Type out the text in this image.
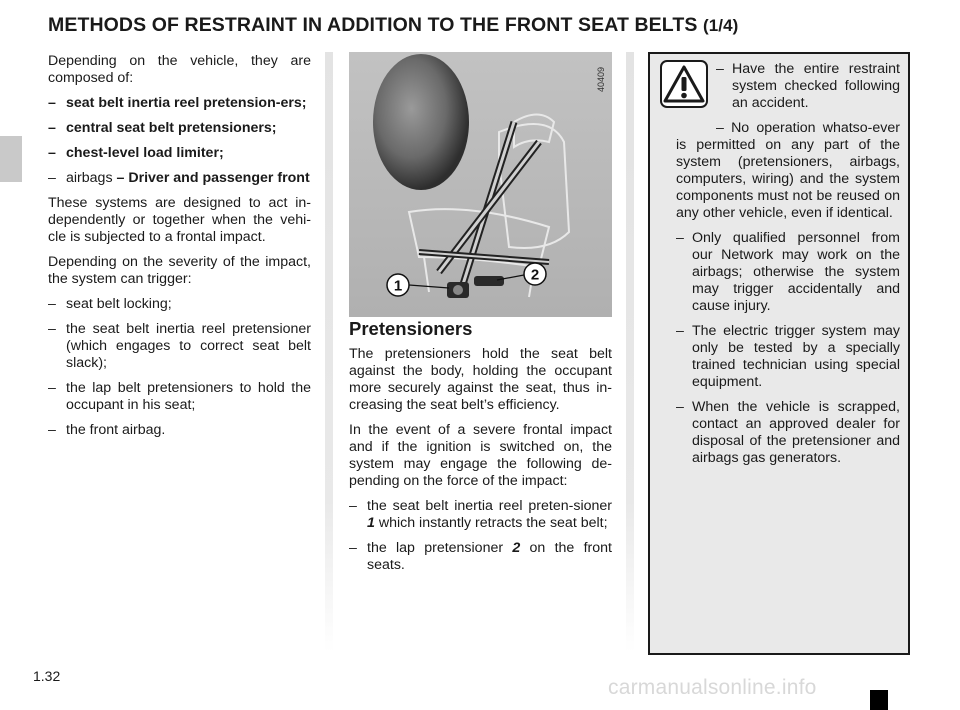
METHODS OF RESTRAINT IN ADDITION TO THE FRONT SEAT BELTS (1/4)

Depending on the vehicle, they are composed of:

– seat belt inertia reel pretension-ers;
– central seat belt pretensioners;
– chest-level load limiter;
– airbags – Driver and passenger front

These systems are designed to act in-dependently or together when the vehi-cle is subjected to a frontal impact.

Depending on the severity of the impact, the system can trigger:

– seat belt locking;
– the seat belt inertia reel pretensioner (which engages to correct seat belt slack);
– the lap belt pretensioners to hold the occupant in his seat;
– the front airbag.
1
2
40409
Pretensioners

The pretensioners hold the seat belt against the body, holding the occupant more securely against the seat, thus in-creasing the seat belt’s efficiency.

In the event of a severe frontal impact and if the ignition is switched on, the system may engage the following de-pending on the force of the impact:

– the seat belt inertia reel preten-sioner 1 which instantly retracts the seat belt;
– the lap pretensioner 2 on the front seats.
– Have the entire restraint system checked following an accident.

– No operation whatso-ever is permitted on any part of the system (pretensioners, airbags, computers, wiring) and the system components must not be reused on any other vehicle, even if identical.

– Only qualified personnel from our Network may work on the airbags; otherwise the system may trigger accidentally and cause injury.
– The electric trigger system may only be tested by a specially trained technician using special equipment.
– When the vehicle is scrapped, contact an approved dealer for disposal of the pretensioner and airbags gas generators.
1.32	carmanualsonline.info
